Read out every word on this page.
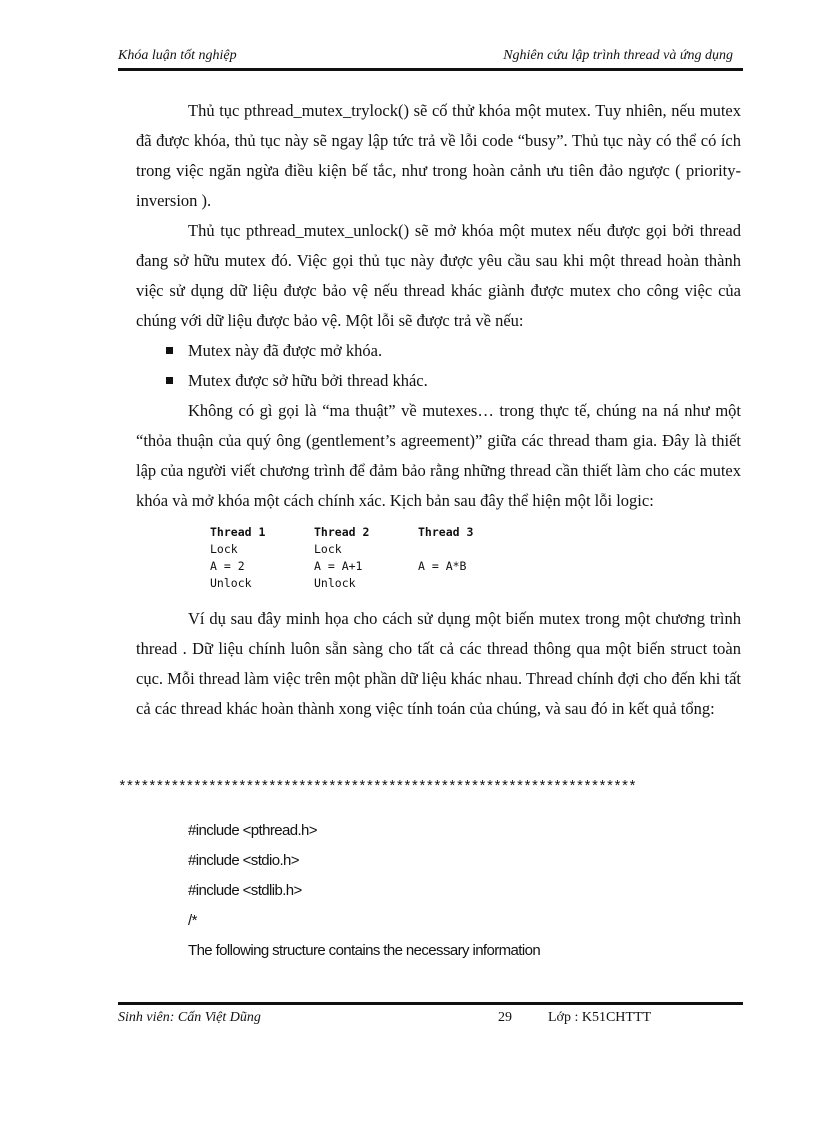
Khóa luận tốt nghiệp	Nghiên cứu lập trình thread và ứng dụng

Thủ tục pthread_mutex_trylock() sẽ cố thử khóa một mutex. Tuy nhiên, nếu mutex đã được khóa, thủ tục này sẽ ngay lập tức trả về lỗi code “busy”. Thủ tục này có thể có ích trong việc ngăn ngừa điều kiện bế tắc, như trong hoàn cảnh ưu tiên đảo ngược ( priority-inversion ).

Thủ tục pthread_mutex_unlock() sẽ mở khóa một mutex nếu được gọi bởi thread đang sở hữu mutex đó. Việc gọi thủ tục này được yêu cầu sau khi một thread hoàn thành việc sử dụng dữ liệu được bảo vệ nếu thread khác giành được mutex cho công việc của chúng với dữ liệu được bảo vệ. Một lỗi sẽ được trả về nếu:

Mutex này đã được mở khóa.
Mutex được sở hữu bởi thread khác.

Không có gì gọi là “ma thuật” về mutexes… trong thực tế, chúng na ná như một “thỏa thuận của quý ông (gentlement’s agreement)” giữa các thread tham gia. Đây là thiết lập của người viết chương trình để đảm bảo rằng những thread cần thiết làm cho các mutex khóa và mở khóa một cách chính xác. Kịch bản sau đây thể hiện một lỗi logic:

Thread 1	Thread 2	Thread 3
Lock	Lock	
A = 2	A = A+1	A = A*B
Unlock	Unlock	

Ví dụ sau đây minh họa cho cách sử dụng một biến mutex trong một chương trình thread . Dữ liệu chính luôn sẵn sàng cho tất cả các thread thông qua một biến struct toàn cục. Mỗi thread làm việc trên một phần dữ liệu khác nhau. Thread chính đợi cho đến khi tất cả các thread khác hoàn thành xong việc tính toán của chúng, và sau đó in kết quả tổng:

*********************************************************************
#include <pthread.h>
#include <stdio.h>
#include <stdlib.h>
/*
The following structure contains the necessary information
Sinh viên: Cấn Việt Dũng	29	Lớp : K51CHTTT
